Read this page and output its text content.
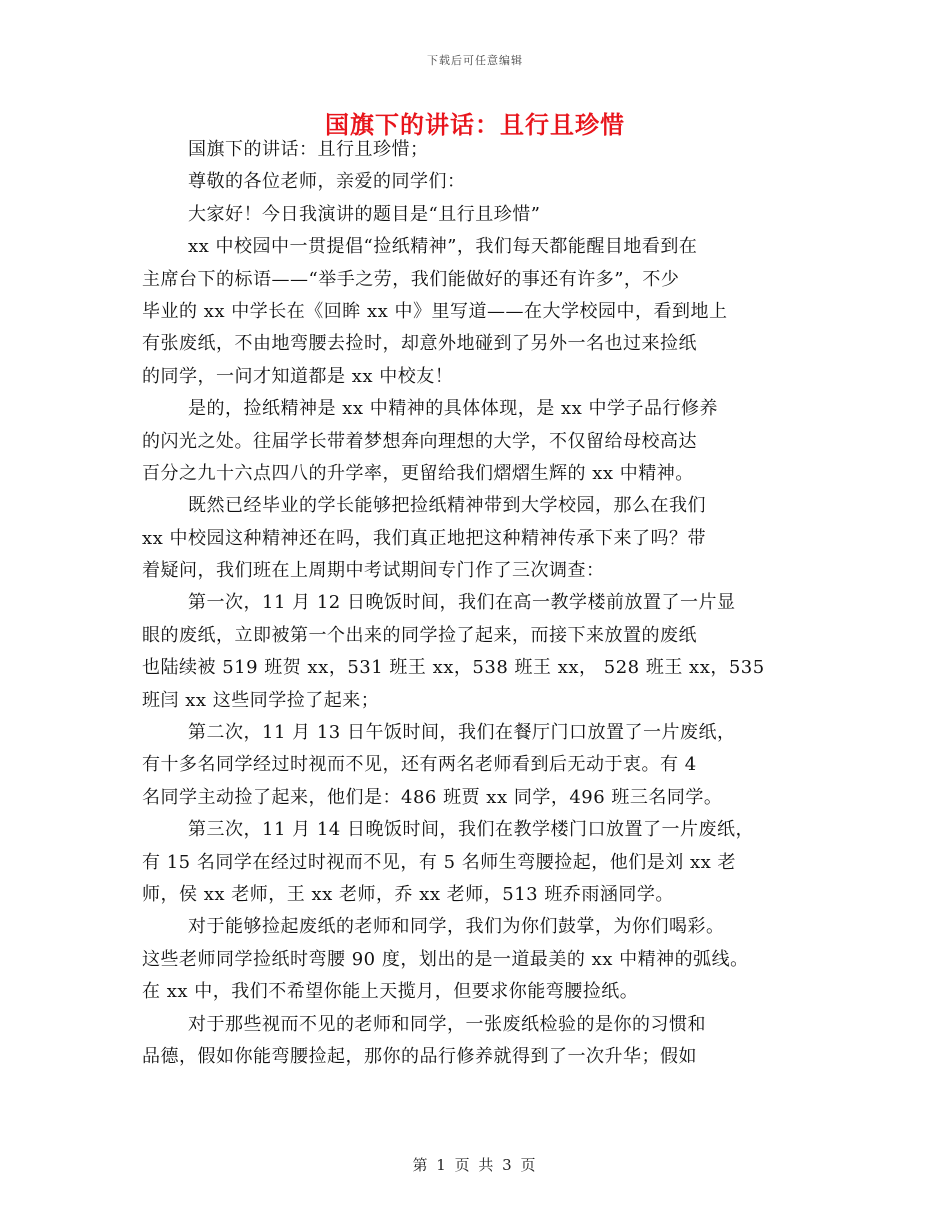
下载后可任意编辑
国旗下的讲话：且行且珍惜
国旗下的讲话：且行且珍惜；
尊敬的各位老师，亲爱的同学们：
大家好！今日我演讲的题目是“且行且珍惜”
xx 中校园中一贯提倡“捡纸精神”，我们每天都能醒目地看到在
主席台下的标语——“举手之劳，我们能做好的事还有许多”，不少
毕业的 xx 中学长在《回眸 xx 中》里写道——在大学校园中，看到地上
有张废纸，不由地弯腰去捡时，却意外地碰到了另外一名也过来捡纸
的同学，一问才知道都是 xx 中校友！
是的，捡纸精神是 xx 中精神的具体体现，是 xx 中学子品行修养
的闪光之处。往届学长带着梦想奔向理想的大学，不仅留给母校高达
百分之九十六点四八的升学率，更留给我们熠熠生辉的 xx 中精神。
既然已经毕业的学长能够把捡纸精神带到大学校园，那么在我们
xx 中校园这种精神还在吗，我们真正地把这种精神传承下来了吗？带
着疑问，我们班在上周期中考试期间专门作了三次调查：
第一次，11 月 12 日晚饭时间，我们在高一教学楼前放置了一片显
眼的废纸，立即被第一个出来的同学捡了起来，而接下来放置的废纸
也陆续被 519 班贺 xx，531 班王 xx，538 班王 xx， 528 班王 xx，535
班闫 xx 这些同学捡了起来；
第二次，11 月 13 日午饭时间，我们在餐厅门口放置了一片废纸，
有十多名同学经过时视而不见，还有两名老师看到后无动于衷。有 4
名同学主动捡了起来，他们是：486 班贾 xx 同学，496 班三名同学。
第三次，11 月 14 日晚饭时间，我们在教学楼门口放置了一片废纸，
有 15 名同学在经过时视而不见，有 5 名师生弯腰捡起，他们是刘 xx 老
师，侯 xx 老师，王 xx 老师，乔 xx 老师，513 班乔雨涵同学。
对于能够捡起废纸的老师和同学，我们为你们鼓掌，为你们喝彩。
这些老师同学捡纸时弯腰 90 度，划出的是一道最美的 xx 中精神的弧线。
在 xx 中，我们不希望你能上天揽月，但要求你能弯腰捡纸。
对于那些视而不见的老师和同学，一张废纸检验的是你的习惯和
品德，假如你能弯腰捡起，那你的品行修养就得到了一次升华；假如
第 1 页 共 3 页
